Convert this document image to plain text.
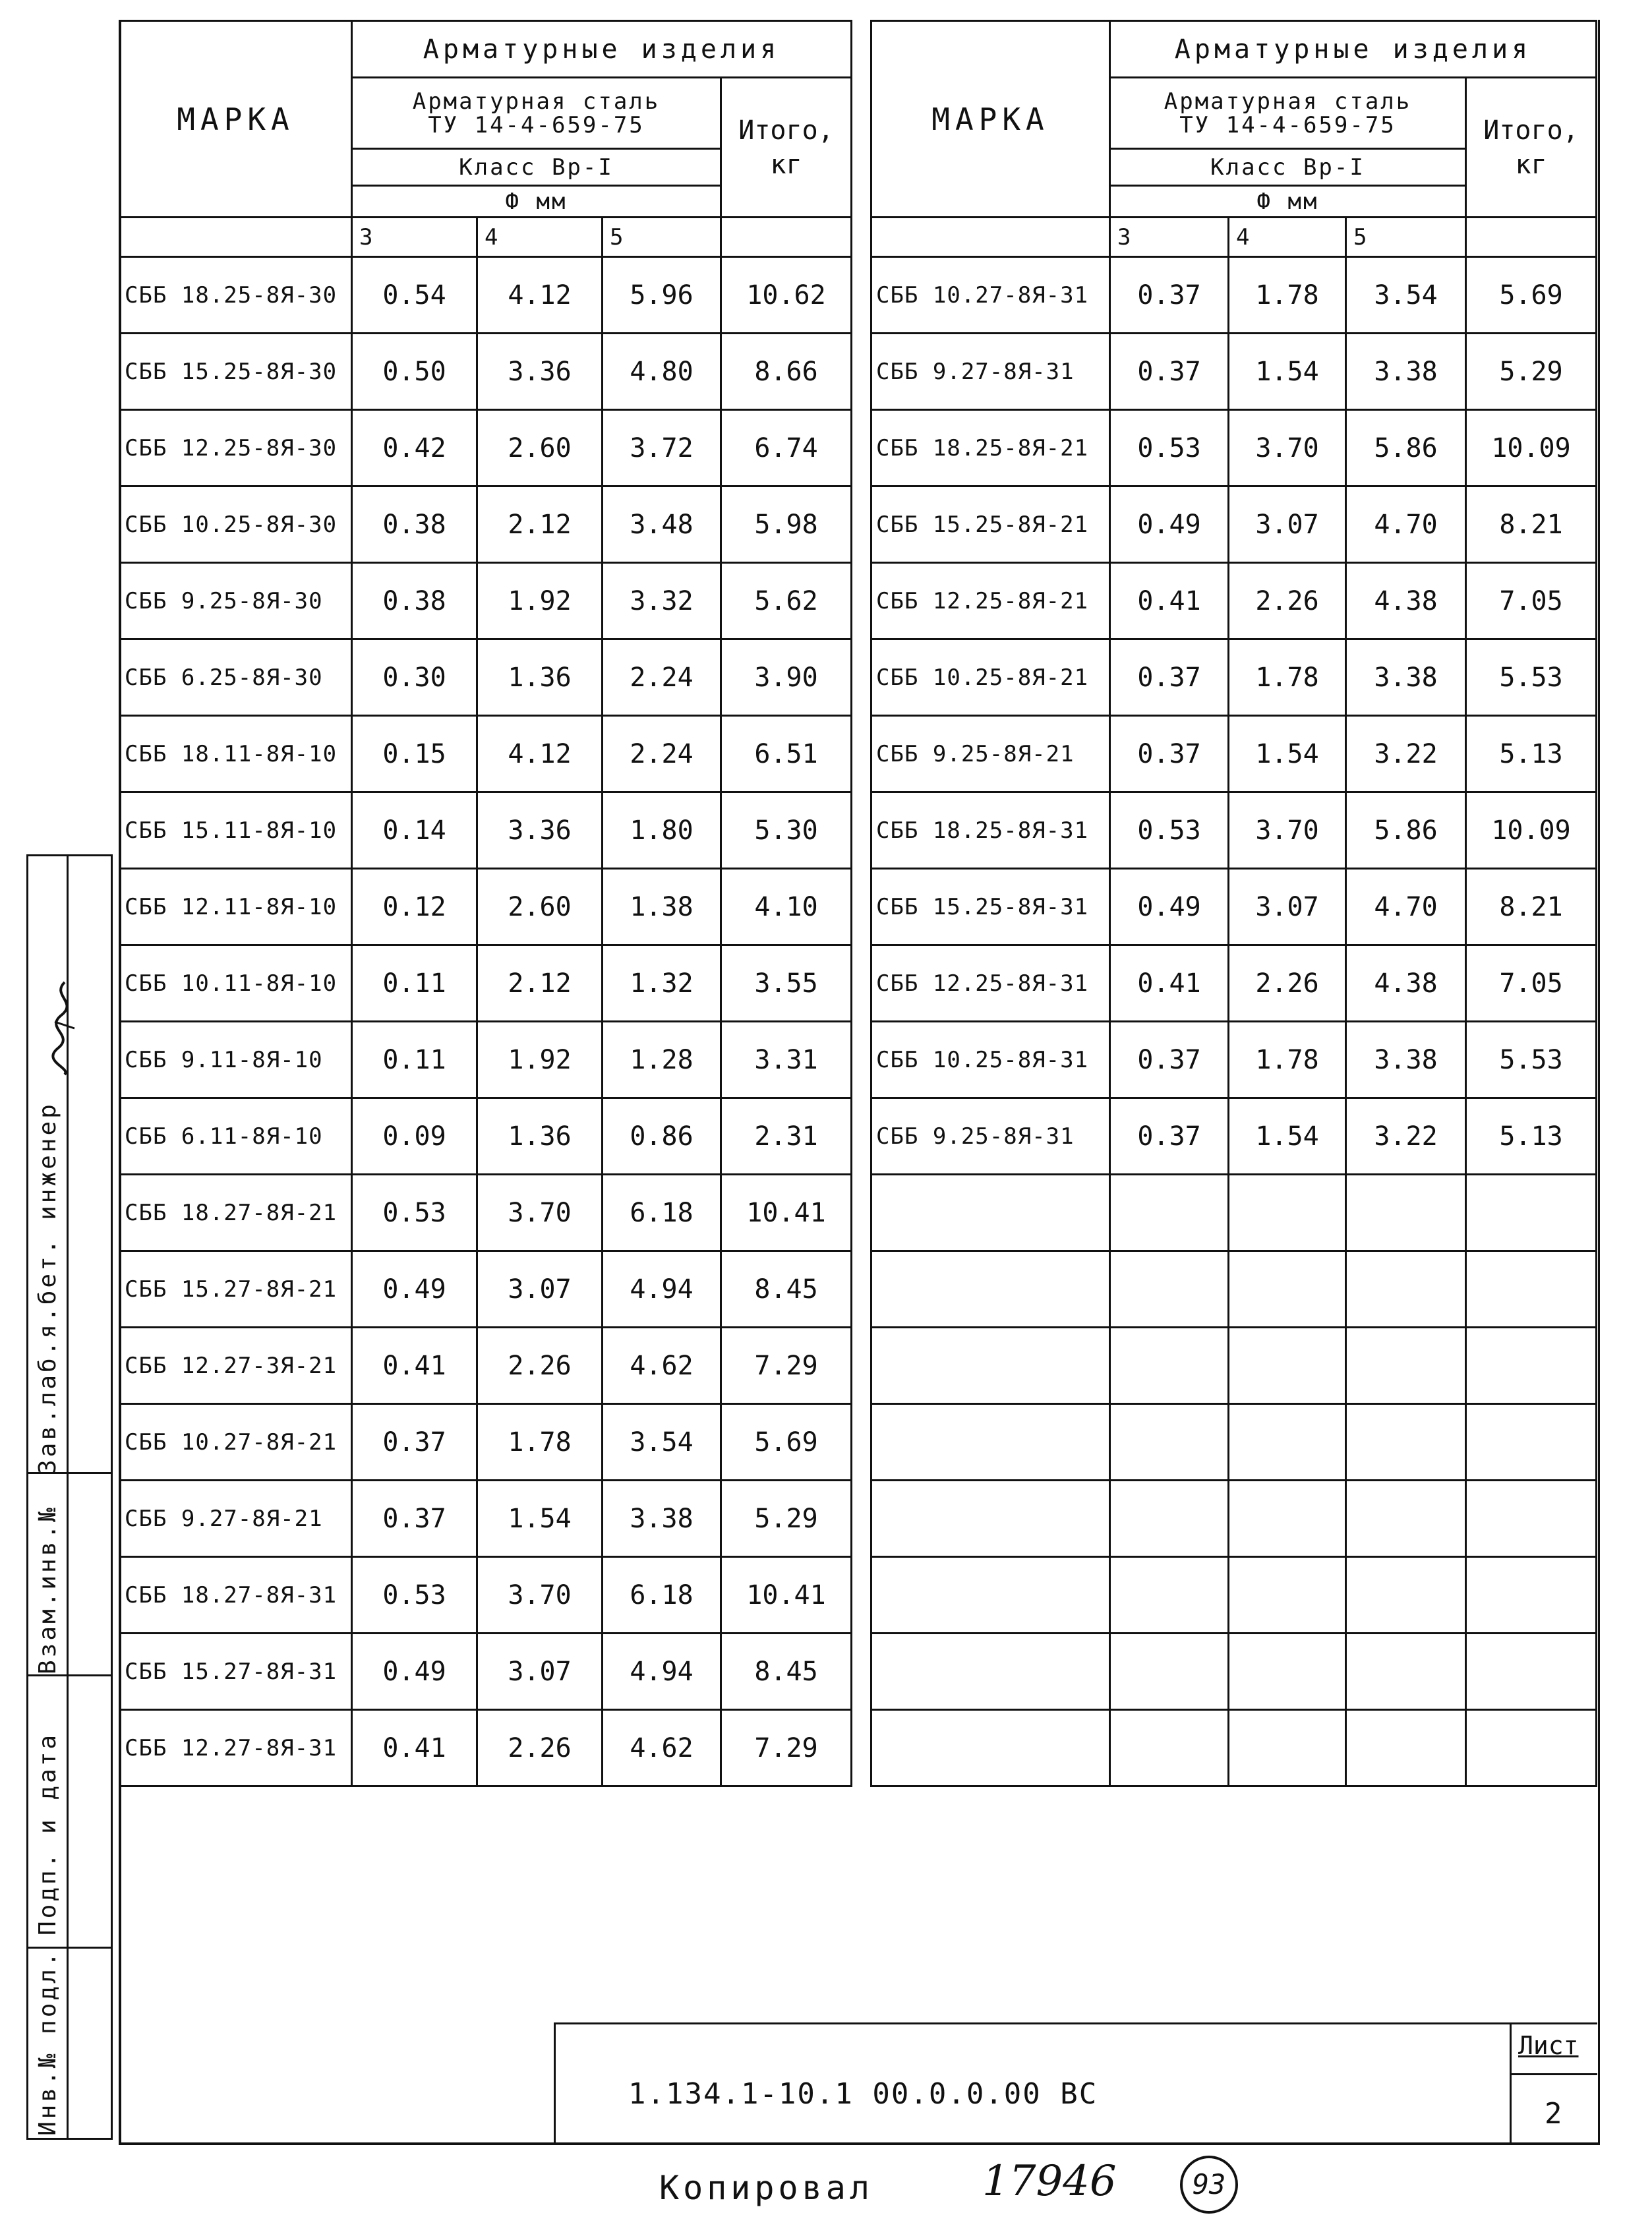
МАРКА	Арматурные изделия			

	Арматурная сталь
ТУ 14-4-659-75			Итого, кг
	Класс Вр-I			
	Ф мм			
	3	4	5	
СББ 18.25-8Я-30	0.54	4.12	5.96	10.62
СББ 15.25-8Я-30	0.50	3.36	4.80	8.66
СББ 12.25-8Я-30	0.42	2.60	3.72	6.74
СББ 10.25-8Я-30	0.38	2.12	3.48	5.98
СББ 9.25-8Я-30	0.38	1.92	3.32	5.62
СББ 6.25-8Я-30	0.30	1.36	2.24	3.90
СББ 18.11-8Я-10	0.15	4.12	2.24	6.51
СББ 15.11-8Я-10	0.14	3.36	1.80	5.30
СББ 12.11-8Я-10	0.12	2.60	1.38	4.10
СББ 10.11-8Я-10	0.11	2.12	1.32	3.55
СББ 9.11-8Я-10	0.11	1.92	1.28	3.31
СББ 6.11-8Я-10	0.09	1.36	0.86	2.31
СББ 18.27-8Я-21	0.53	3.70	6.18	10.41
СББ 15.27-8Я-21	0.49	3.07	4.94	8.45
СББ 12.27-3Я-21	0.41	2.26	4.62	7.29
СББ 10.27-8Я-21	0.37	1.78	3.54	5.69
СББ 9.27-8Я-21	0.37	1.54	3.38	5.29
СББ 18.27-8Я-31	0.53	3.70	6.18	10.41
СББ 15.27-8Я-31	0.49	3.07	4.94	8.45
СББ 12.27-8Я-31	0.41	2.26	4.62	7.29
МАРКА	Арматурные изделия			

	Арматурная сталь
ТУ 14-4-659-75			Итого, кг
	Класс Вр-I			
	Ф мм			
	3	4	5	
СББ 10.27-8Я-31	0.37	1.78	3.54	5.69
СББ 9.27-8Я-31	0.37	1.54	3.38	5.29
СББ 18.25-8Я-21	0.53	3.70	5.86	10.09
СББ 15.25-8Я-21	0.49	3.07	4.70	8.21
СББ 12.25-8Я-21	0.41	2.26	4.38	7.05
СББ 10.25-8Я-21	0.37	1.78	3.38	5.53
СББ 9.25-8Я-21	0.37	1.54	3.22	5.13
СББ 18.25-8Я-31	0.53	3.70	5.86	10.09
СББ 15.25-8Я-31	0.49	3.07	4.70	8.21
СББ 12.25-8Я-31	0.41	2.26	4.38	7.05
СББ 10.25-8Я-31	0.37	1.78	3.38	5.53
СББ 9.25-8Я-31	0.37	1.54	3.22	5.13

Зав.лаб.я.бет. инженер
Взам.инв.№
Подп. и дата
Инв.№ подл.	1.134.1-10.1 00.0.0.00 ВС
Лист
2
Копировал	17946	93
